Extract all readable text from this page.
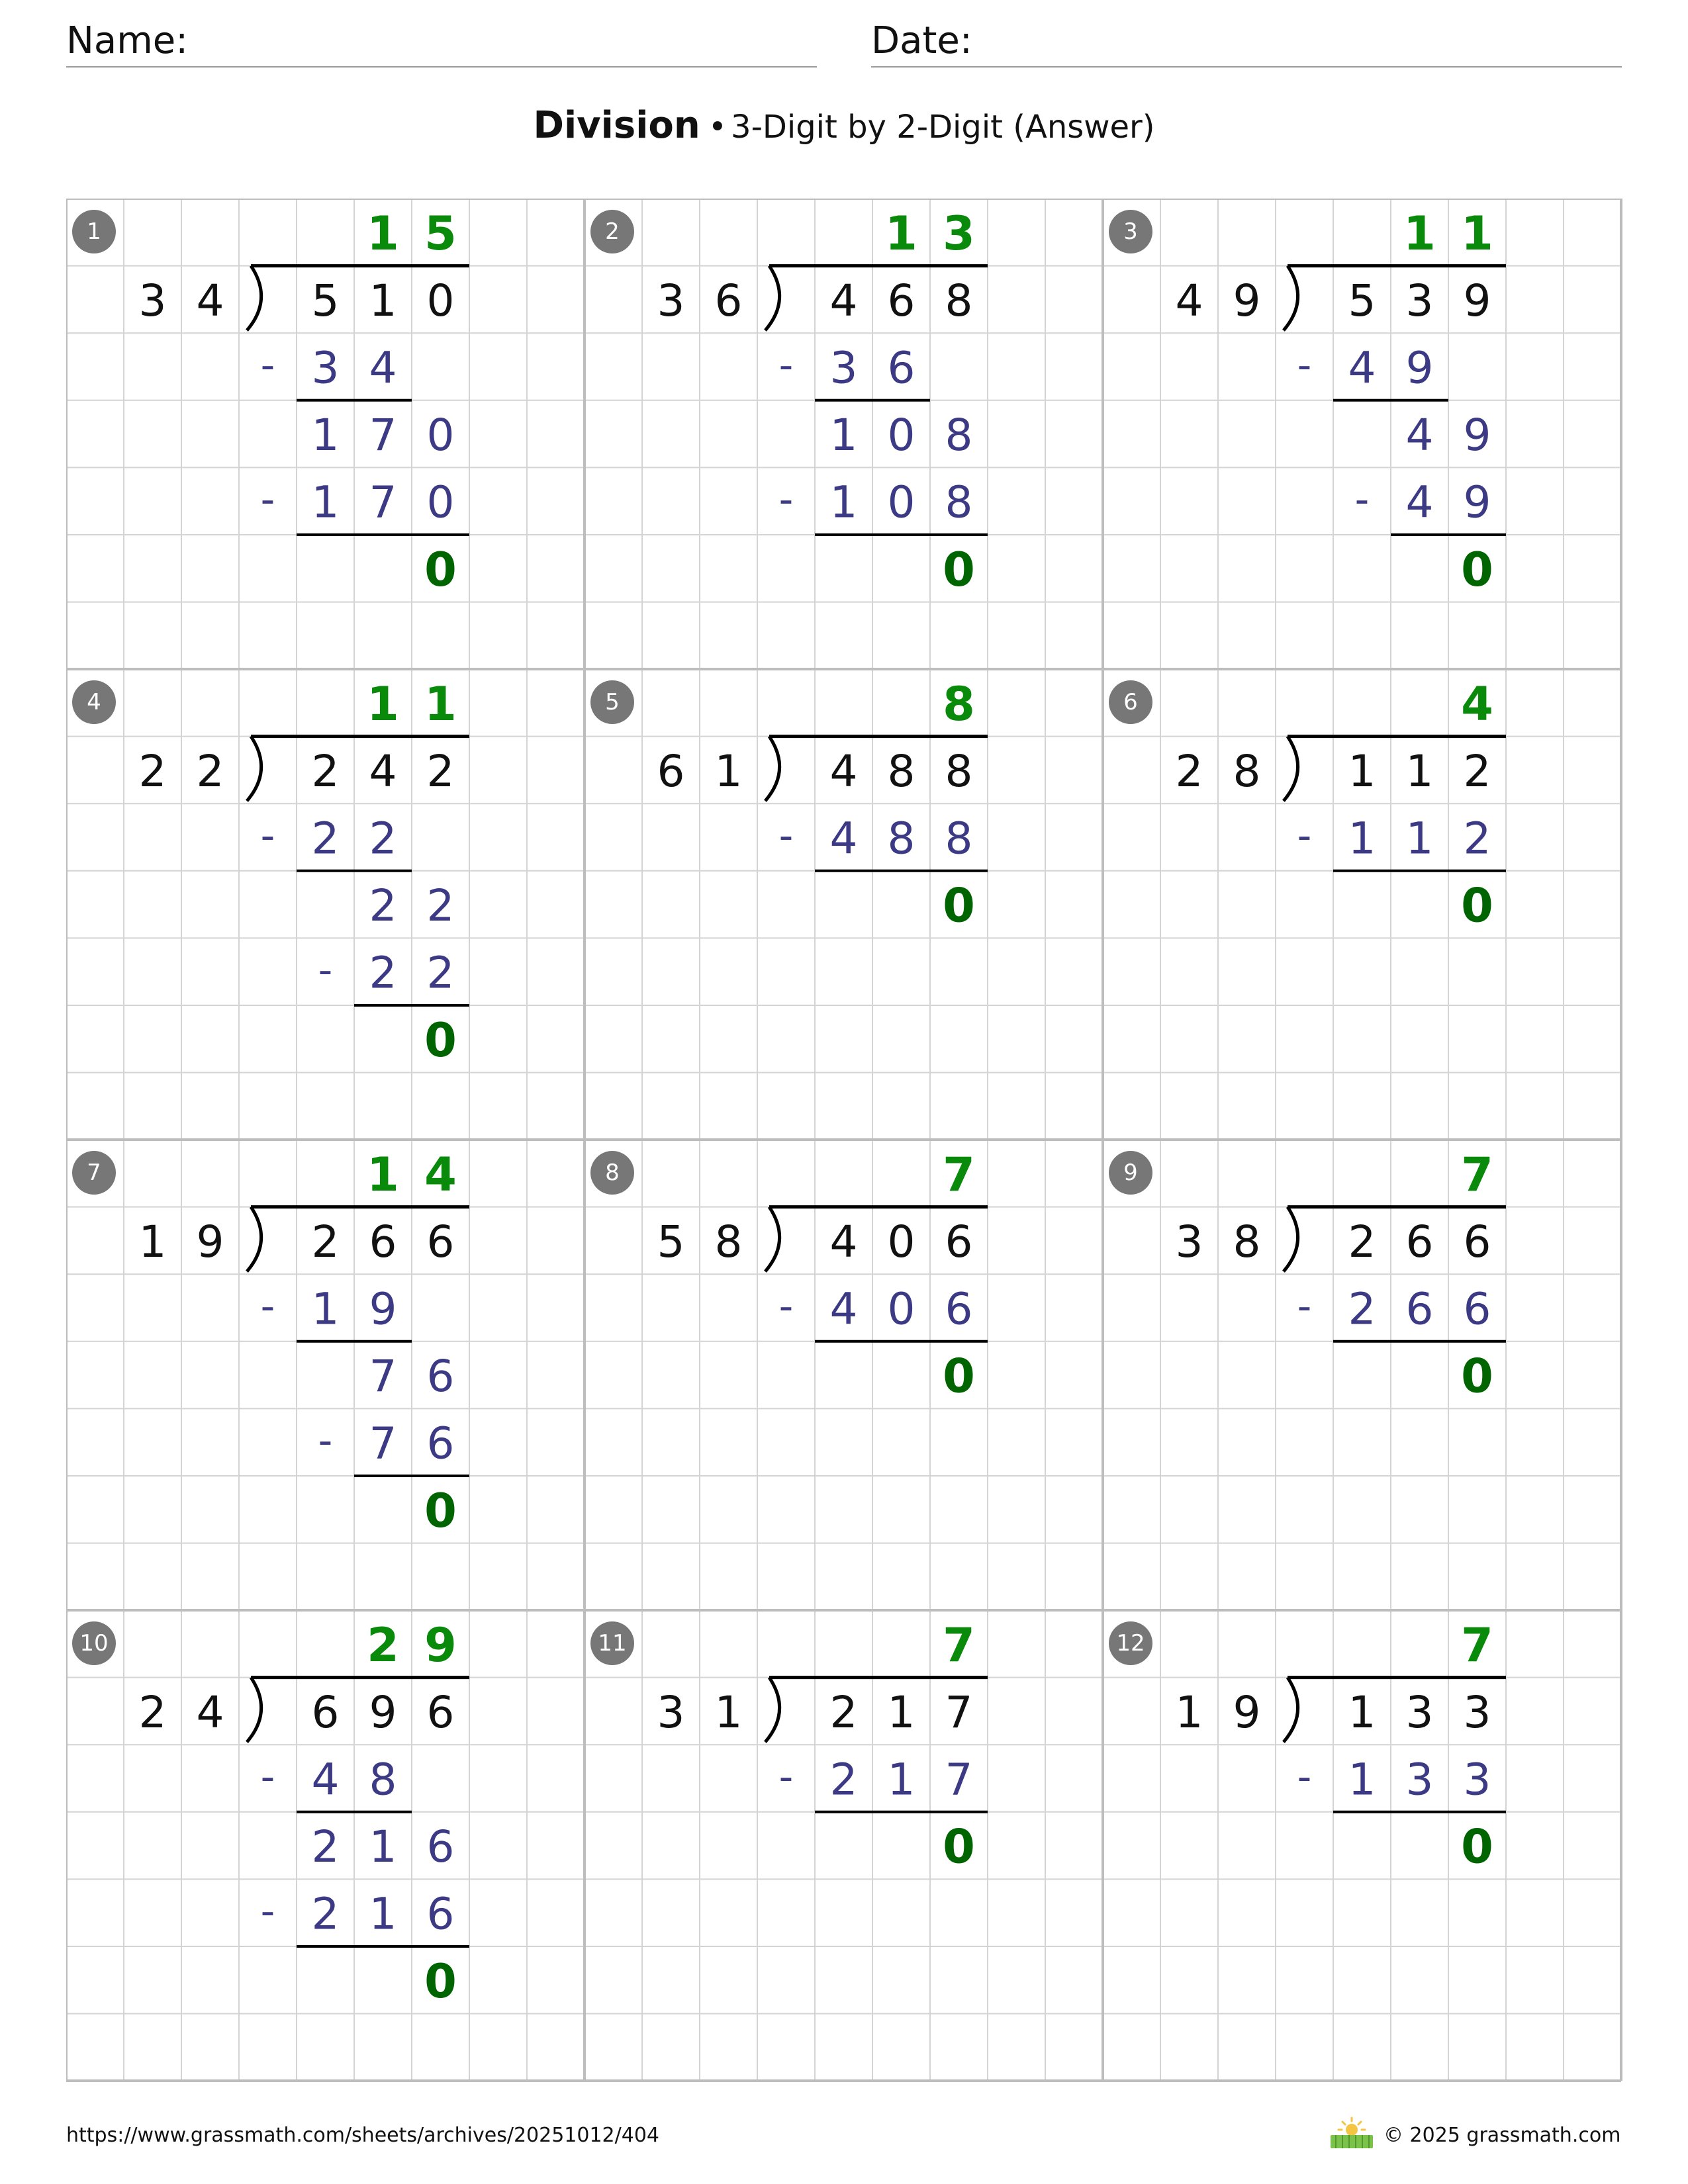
Name:	Date:
Division • 3-Digit by 2-Digit (Answer)
1	1 5
3 4 5 1 0
- 3 4
1 7 0
- 1 7 0
0
2	1 3
3 6 4 6 8
- 3 6
1 0 8
- 1 0 8
0
3	1 1
4 9 5 3 9
- 4 9
4 9
- 4 9
0
4	1 1
2 2 2 4 2
- 2 2
2 2
- 2 2
0
5	8
6 1 4 8 8
- 4 8 8
0
6	4
2 8 1 1 2
- 1 1 2
0
7	1 4
1 9 2 6 6
- 1 9
7 6
- 7 6
0
8	7
5 8 4 0 6
- 4 0 6
0
9	7
3 8 2 6 6
- 2 6 6
0
10	2 9
2 4 6 9 6
- 4 8
2 1 6
- 2 1 6
0
11	7
3 1 2 1 7
- 2 1 7
0
12	7
1 9 1 3 3
- 1 3 3
0
https://www.grassmath.com/sheets/archives/20251012/404	© 2025 grassmath.com
